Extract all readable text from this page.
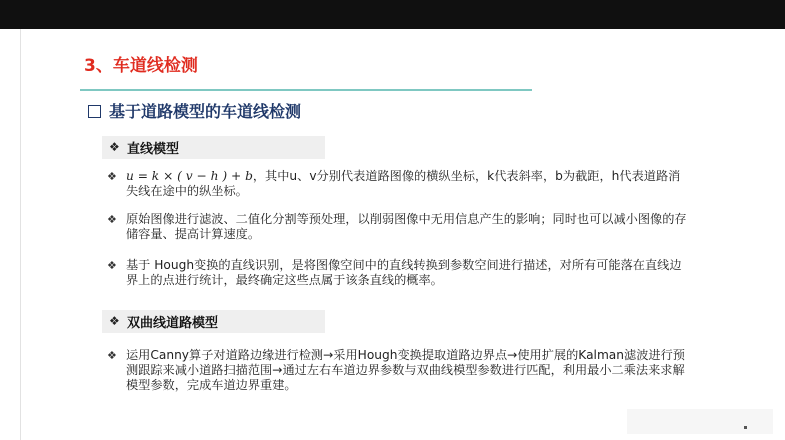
3、车道线检测
基于道路模型的车道线检测
❖ 直线模型
❖ u = k × ( v − h ) + b，其中u、v分别代表道路图像的横纵坐标，k代表斜率，b为截距，h代表道路消失线在途中的纵坐标。
❖ 原始图像进行滤波、二值化分割等预处理，以削弱图像中无用信息产生的影响；同时也可以减小图像的存储容量、提高计算速度。
❖ 基于 Hough变换的直线识别，是将图像空间中的直线转换到参数空间进行描述，对所有可能落在直线边界上的点进行统计，最终确定这些点属于该条直线的概率。
❖ 双曲线道路模型
❖ 运用Canny算子对道路边缘进行检测→采用Hough变换提取道路边界点→使用扩展的Kalman滤波进行预测跟踪来减小道路扫描范围→通过左右车道边界参数与双曲线模型参数进行匹配，利用最小二乘法来求解模型参数，完成车道边界重建。
